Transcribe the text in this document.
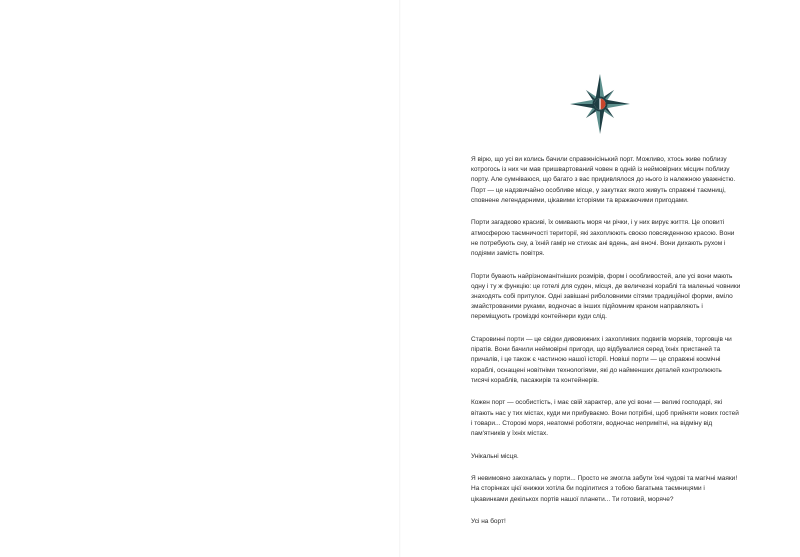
Я вірю, що усі ви колись бачили справжнісінький порт. Можливо, хтось живе поблизу котрогось із них чи мав пришвартований човен в одній із неймовірних місцин поблизу порту. Але сумніваюся, що багато з вас придивлялося до нього із належною уважністю. Порт — це надзвичайно особливе місце, у закутках якого живуть справжні таємниці, сповнене легендарними, цікавими історіями та вражаючими пригодами.

Порти загадково красиві, їх омивають моря чи річки, і у них вирує життя. Це оповиті атмосферою таємничості території, які захоплюють своєю повсякденною красою. Вони не потребують сну, а їхній гамір не стихає ані вдень, ані вночі. Вони дихають рухом і подіями замість повітря.

Порти бувають найрізноманітніших розмірів, форм і особливостей, але усі вони мають одну і ту ж функцію: це готелі для суден, місця, де величезні кораблі та маленькі човники знаходять собі притулок. Одні завішані риболовними сітями традиційної форми, вміло змайстрованими руками, водночас в інших підйомним краном направляють і переміщують громіздкі контейнери куди слід.

Старовинні порти — це свідки дивовижних і захопливих подвигів моряків, торговців чи піратів. Вони бачили неймовірні пригоди, що відбувалися серед їхніх пристаней та причалів, і це також є частиною нашої історії. Новіші порти — це справжні космічні кораблі, оснащені новітніми технологіями, які до найменших деталей контролюють тисячі кораблів, пасажирів та контейнерів.

Кожен порт — особистість, і має свій характер, але усі вони — великі господарі, які вітають нас у тих містах, куди ми прибуваємо. Вони потрібні, щоб прийняти нових гостей і товари... Сторожі моря, неатомні роботяги, водночас непримітні, на відміну від пам'ятників у їхніх містах.

Унікальні місця.

Я невимовно закохалась у порти... Просто не змогла забути їхні чудові та магічні маяки! На сторінках цієї книжки хотіла би поділитися з тобою багатьма таємницями і цікавинками декількох портів нашої планети... Ти готовий, моряче?

Усі на борт!
